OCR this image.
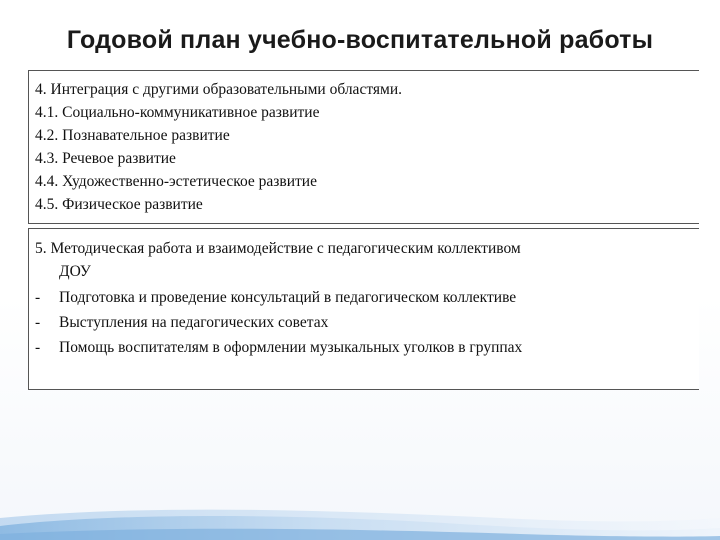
Годовой план учебно-воспитательной работы
4. Интеграция с другими образовательными областями.
4.1. Социально-коммуникативное развитие
4.2. Познавательное развитие
4.3. Речевое развитие
4.4. Художественно-эстетическое развитие
4.5. Физическое развитие
5. Методическая работа и взаимодействие с педагогическим коллективом
ДОУ
-	Подготовка и проведение консультаций в педагогическом коллективе
-	Выступления на педагогических советах
-	Помощь воспитателям в оформлении музыкальных уголков в группах
